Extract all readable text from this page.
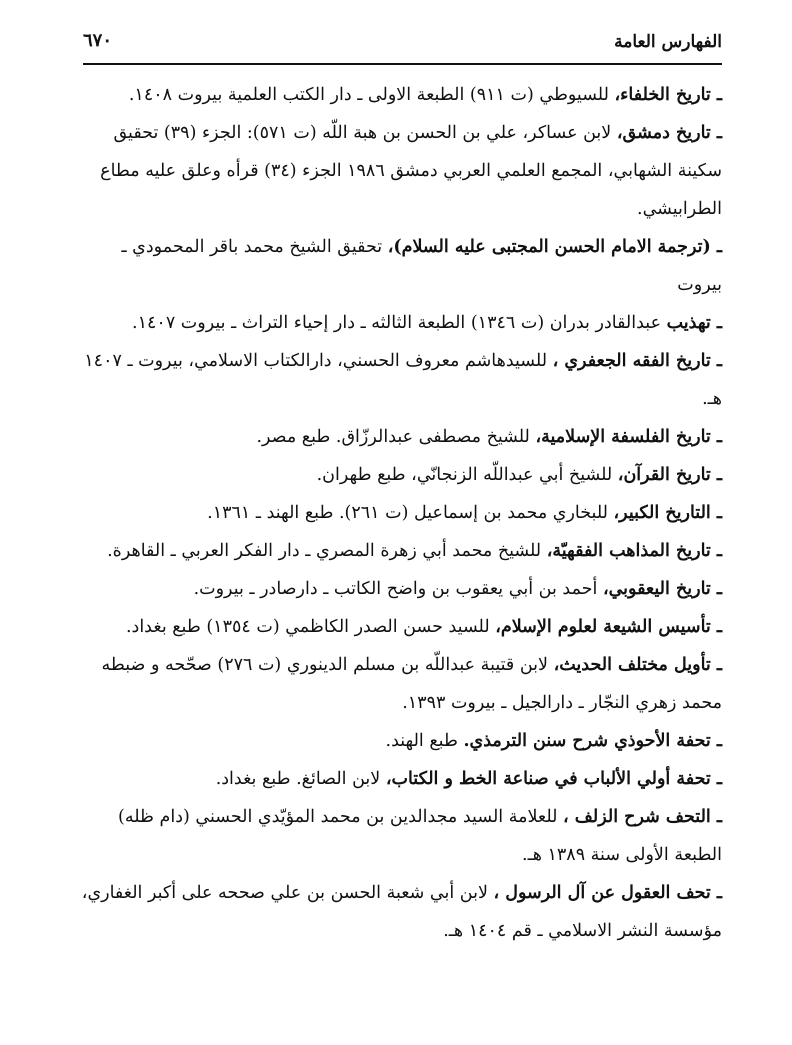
الفهارس العامة
٦٧٠

ـ تاريخ الخلفاء، للسيوطي (ت ٩١١) الطبعة الاولى ـ دار الكتب العلمية بيروت ١٤٠٨.

ـ تاريخ دمشق، لابن عساكر، علي بن الحسن بن هبة اللّه (ت ٥٧١): الجزء (٣٩) تحقيق سكينة الشهابي، المجمع العلمي العربي دمشق ١٩٨٦ الجزء (٣٤) قرأه وعلق عليه مطاع الطرابيشي.

ـ (ترجمة الامام الحسن المجتبى عليه السلام)، تحقيق الشيخ محمد باقر المحمودي ـ بيروت

ـ تهذيب عبدالقادر بدران (ت ١٣٤٦) الطبعة الثالثه ـ دار إحياء التراث ـ بيروت ١٤٠٧.

ـ تاريخ الفقه الجعفري ، للسيدهاشم معروف الحسني، دارالكتاب الاسلامي، بيروت ـ ١٤٠٧ هـ.

ـ تاريخ الفلسفة الإسلامية، للشيخ مصطفى عبدالرزّاق. طبع مصر.

ـ تاريخ القرآن، للشيخ أبي عبداللّه الزنجانّي، طبع طهران.

ـ التاريخ الكبير، للبخاري محمد بن إسماعيل (ت ٢٦١). طبع الهند ـ ١٣٦١.

ـ تاريخ المذاهب الفقهيّة، للشيخ محمد أبي زهرة المصري ـ دار الفكر العربي ـ القاهرة.

ـ تاريخ اليعقوبي، أحمد بن أبي يعقوب بن واضح الكاتب ـ دارصادر ـ بيروت.

ـ تأسيس الشيعة لعلوم الإسلام، للسيد حسن الصدر الكاظمي (ت ١٣٥٤) طبع بغداد.

ـ تأويل مختلف الحديث، لابن قتيبة عبداللّه بن مسلم الدينوري (ت ٢٧٦) صحّحه و ضبطه محمد زهري النجّار ـ دارالجيل ـ بيروت ١٣٩٣.

ـ تحفة الأحوذي شرح سنن الترمذي. طبع الهند.

ـ تحفة أولي الألباب في صناعة الخط و الكتاب، لابن الصائغ. طبع بغداد.

ـ التحف شرح الزلف ، للعلامة السيد مجدالدين بن محمد المؤيّدي الحسني (دام ظله) الطبعة الأولى سنة ١٣٨٩ هـ.

ـ تحف العقول عن آل الرسول ، لابن أبي شعبة الحسن بن علي صححه على أكبر الغفاري، مؤسسة النشر الاسلامي ـ قم ١٤٠٤ هـ.
